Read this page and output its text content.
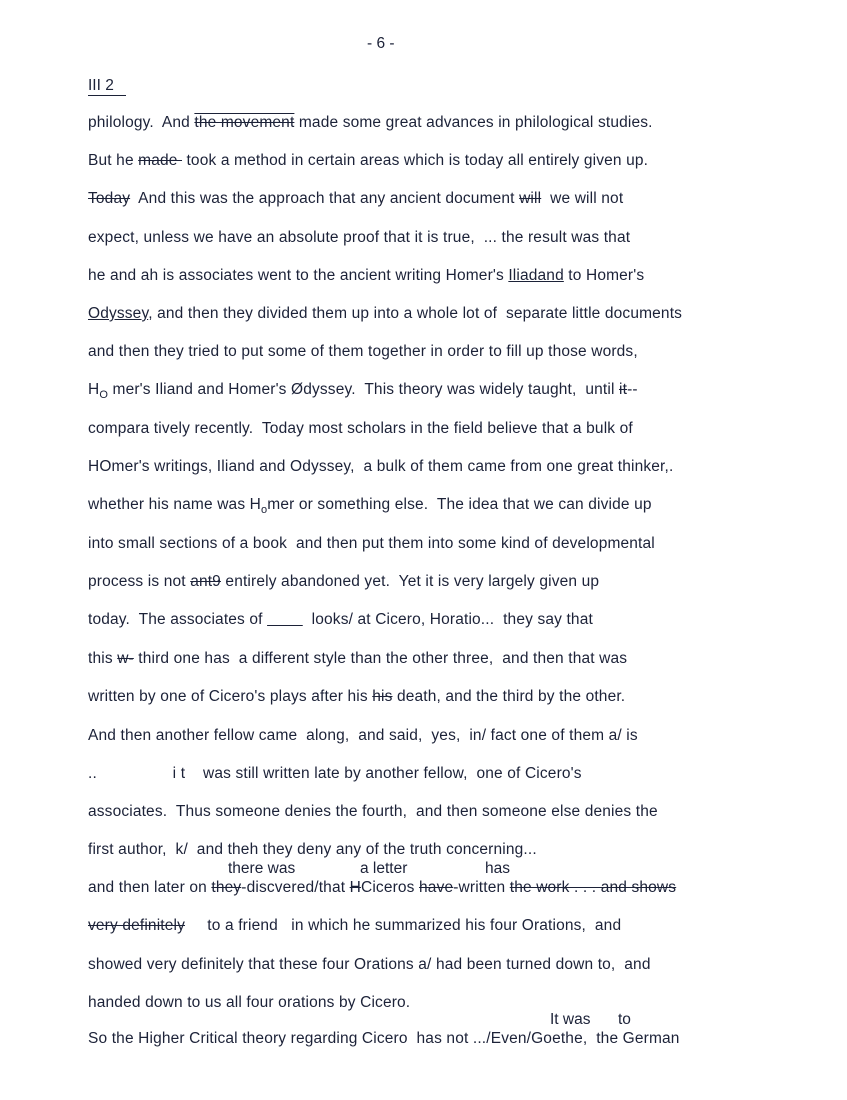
- 6 -
III 2
philology.  And the movement made some great advances in philological studies.
But he made  took a method in certain areas which is today all entirely given up.
Today  And this was the approach that any ancient document will  we will not
expect, unless we have an absolute proof that it is true,  ... the result was that
he and ah is associates went to the ancient writing Homer's Iliadand to Homer's
Odyssey, and then they divided them up into a whole lot of  separate little documents
and then they tried to put some of them together in order to fill up those words,
$H_O$ mer's Iliand and Homer's Ødyssey.  This theory was widely taught,  until it--
compara tively recently.  Today most scholars in the field believe that a bulk of
HOmer's writings, Iliand and Odyssey,  a bulk of them came from one great thinker,.
whether his name was $H_omer$ or something else.  The idea that we can divide up
into small sections of a book  and then put them into some kind of developmental
process is not ant9 entirely abandoned yet.  Yet it is very largely given up
today.  The associates of           looks/ at Cicero, Horatio...  they say that
this w- third one has  a different style than the other three,  and then that was
written by one of Cicero's plays after his his death, and the third by the other.
And then another fellow came  along,  and said,  yes,  in/ fact one of them a/ is
..                 i t    was still written late by another fellow,  one of Cicero's
associates.  Thus someone denies the fourth,  and then someone else denies the
first author,  k/  and theh they deny any of the truth concerning...
and then later on they-discvered/that HCiceros have-written the work . . . and shows
very definitely     to a friend   in which he summarized his four Orations,  and
showed very definitely that these four Orations a/ had been turned down to,  and
handed down to us all four orations by Cicero.
So the Higher Critical theory regarding Cicero  has not .../Even/Goethe,  the German
there was	a letter	has
It was to
